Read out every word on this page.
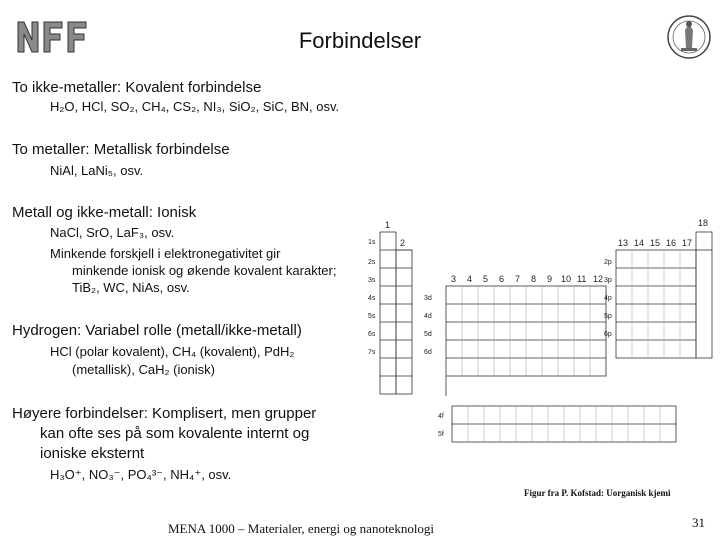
Forbindelser
To ikke-metaller: Kovalent forbindelse
H₂O, HCl, SO₂, CH₄, CS₂, NI₃, SiO₂, SiC, BN, osv.
To metaller: Metallisk forbindelse
NiAl, LaNi₅, osv.
Metall og ikke-metall: Ionisk
NaCl, SrO, LaF₃, osv.
Minkende forskjell i elektronegativitet gir
minkende ionisk og økende kovalent karakter;
TiB₂, WC, NiAs, osv.
Hydrogen: Variabel rolle (metall/ikke-metall)
HCl (polar kovalent), CH₄ (kovalent), PdH₂
(metallisk), CaH₂ (ionisk)
Høyere forbindelser: Komplisert, men grupper
kan ofte ses på som kovalente internt og
ioniske eksternt
H₃O⁺, NO₃⁻, PO₄³⁻, NH₄⁺, osv.
1
2
3 4 5 6 7 8 9 10 11 12
13 14 15 16 17
18
1s
2s
3s
4s
5s
6s
7s
2p
3p
4p
5p
6p
3d
4d
5d
6d
4f
5f
Figur fra P. Kofstad: Uorganisk kjemi
MENA 1000 – Materialer, energi og nanoteknologi	31
